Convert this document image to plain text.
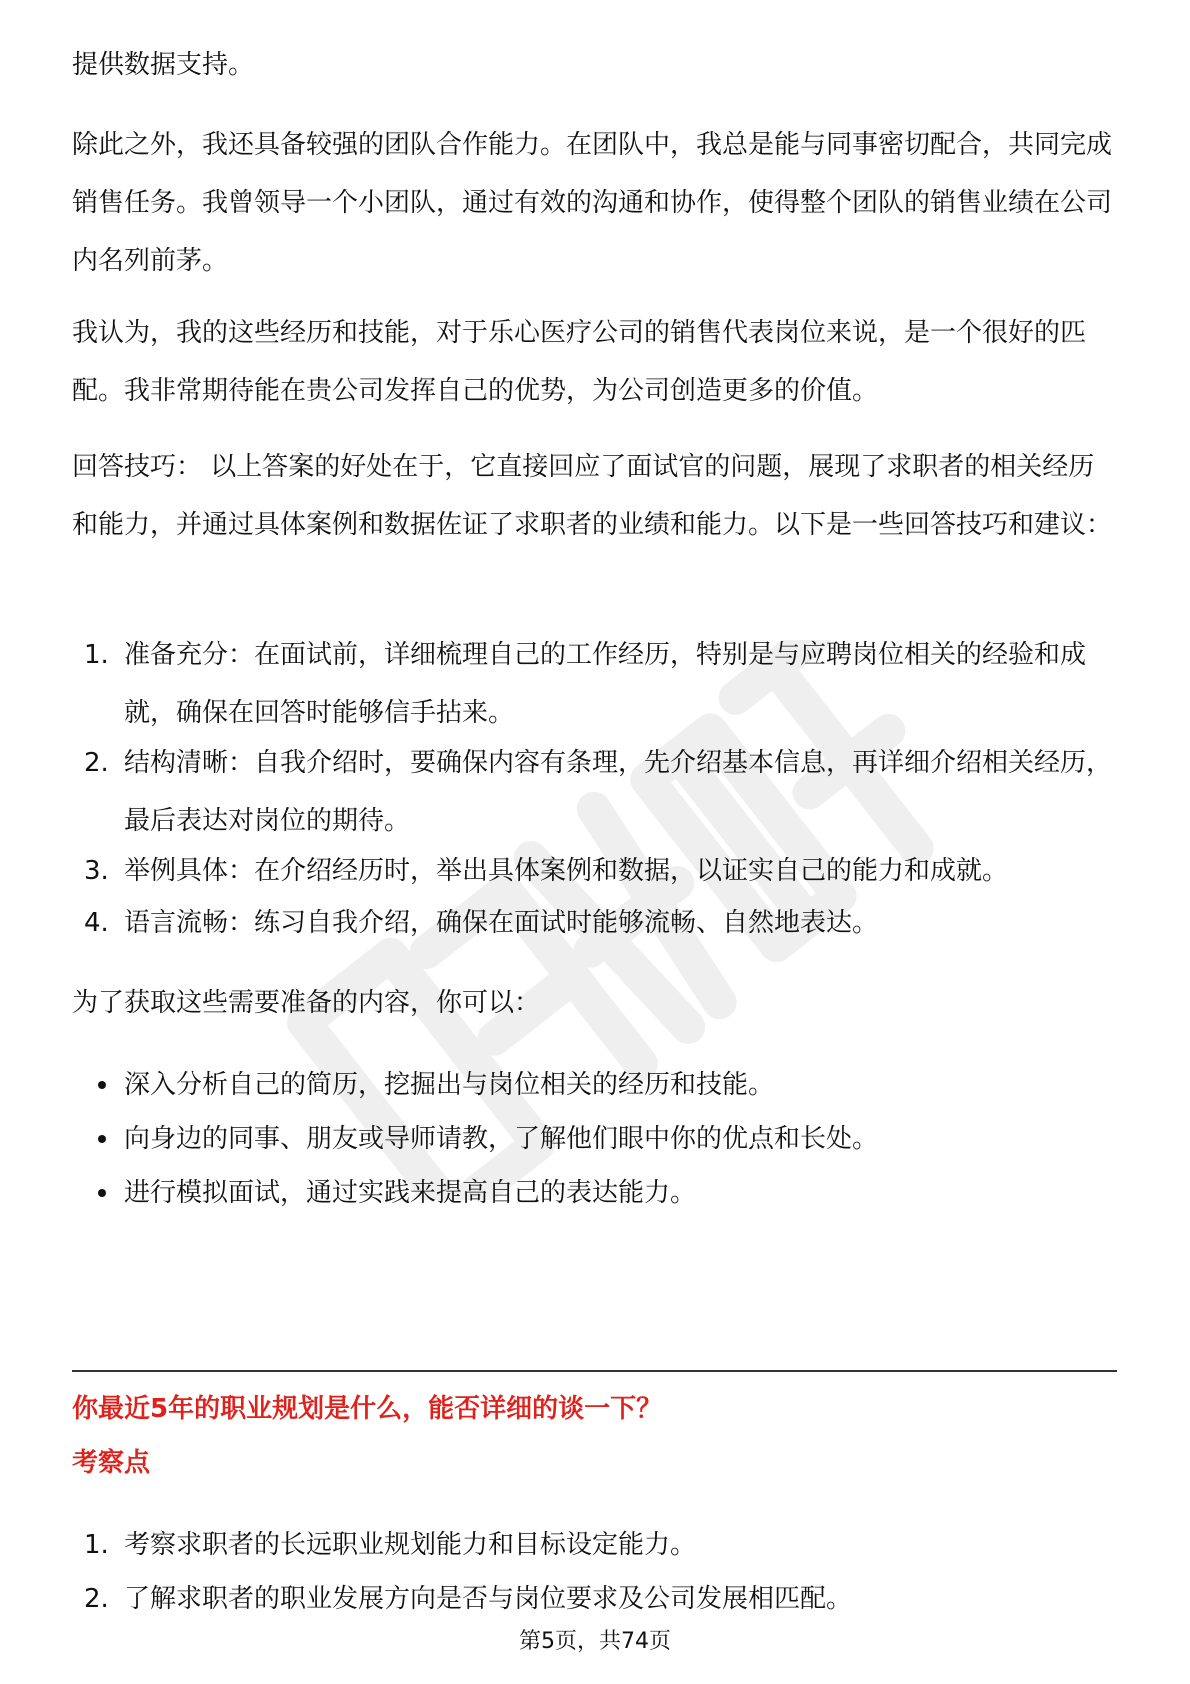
提供数据支持。

除此之外，我还具备较强的团队合作能力。在团队中，我总是能与同事密切配合，共同完成销售任务。我曾领导一个小团队，通过有效的沟通和协作，使得整个团队的销售业绩在公司内名列前茅。

我认为，我的这些经历和技能，对于乐心医疗公司的销售代表岗位来说，是一个很好的匹配。我非常期待能在贵公司发挥自己的优势，为公司创造更多的价值。

回答技巧： 以上答案的好处在于，它直接回应了面试官的问题，展现了求职者的相关经历和能力，并通过具体案例和数据佐证了求职者的业绩和能力。以下是一些回答技巧和建议：

1. 准备充分：在面试前，详细梳理自己的工作经历，特别是与应聘岗位相关的经验和成就，确保在回答时能够信手拈来。
2. 结构清晰：自我介绍时，要确保内容有条理，先介绍基本信息，再详细介绍相关经历，最后表达对岗位的期待。
3. 举例具体：在介绍经历时，举出具体案例和数据，以证实自己的能力和成就。
4. 语言流畅：练习自我介绍，确保在面试时能够流畅、自然地表达。

为了获取这些需要准备的内容，你可以：

深入分析自己的简历，挖掘出与岗位相关的经历和技能。
向身边的同事、朋友或导师请教，了解他们眼中你的优点和长处。
进行模拟面试，通过实践来提高自己的表达能力。
你最近5年的职业规划是什么，能否详细的谈一下？
考察点
1. 考察求职者的长远职业规划能力和目标设定能力。
2. 了解求职者的职业发展方向是否与岗位要求及公司发展相匹配。
第5页，共74页
